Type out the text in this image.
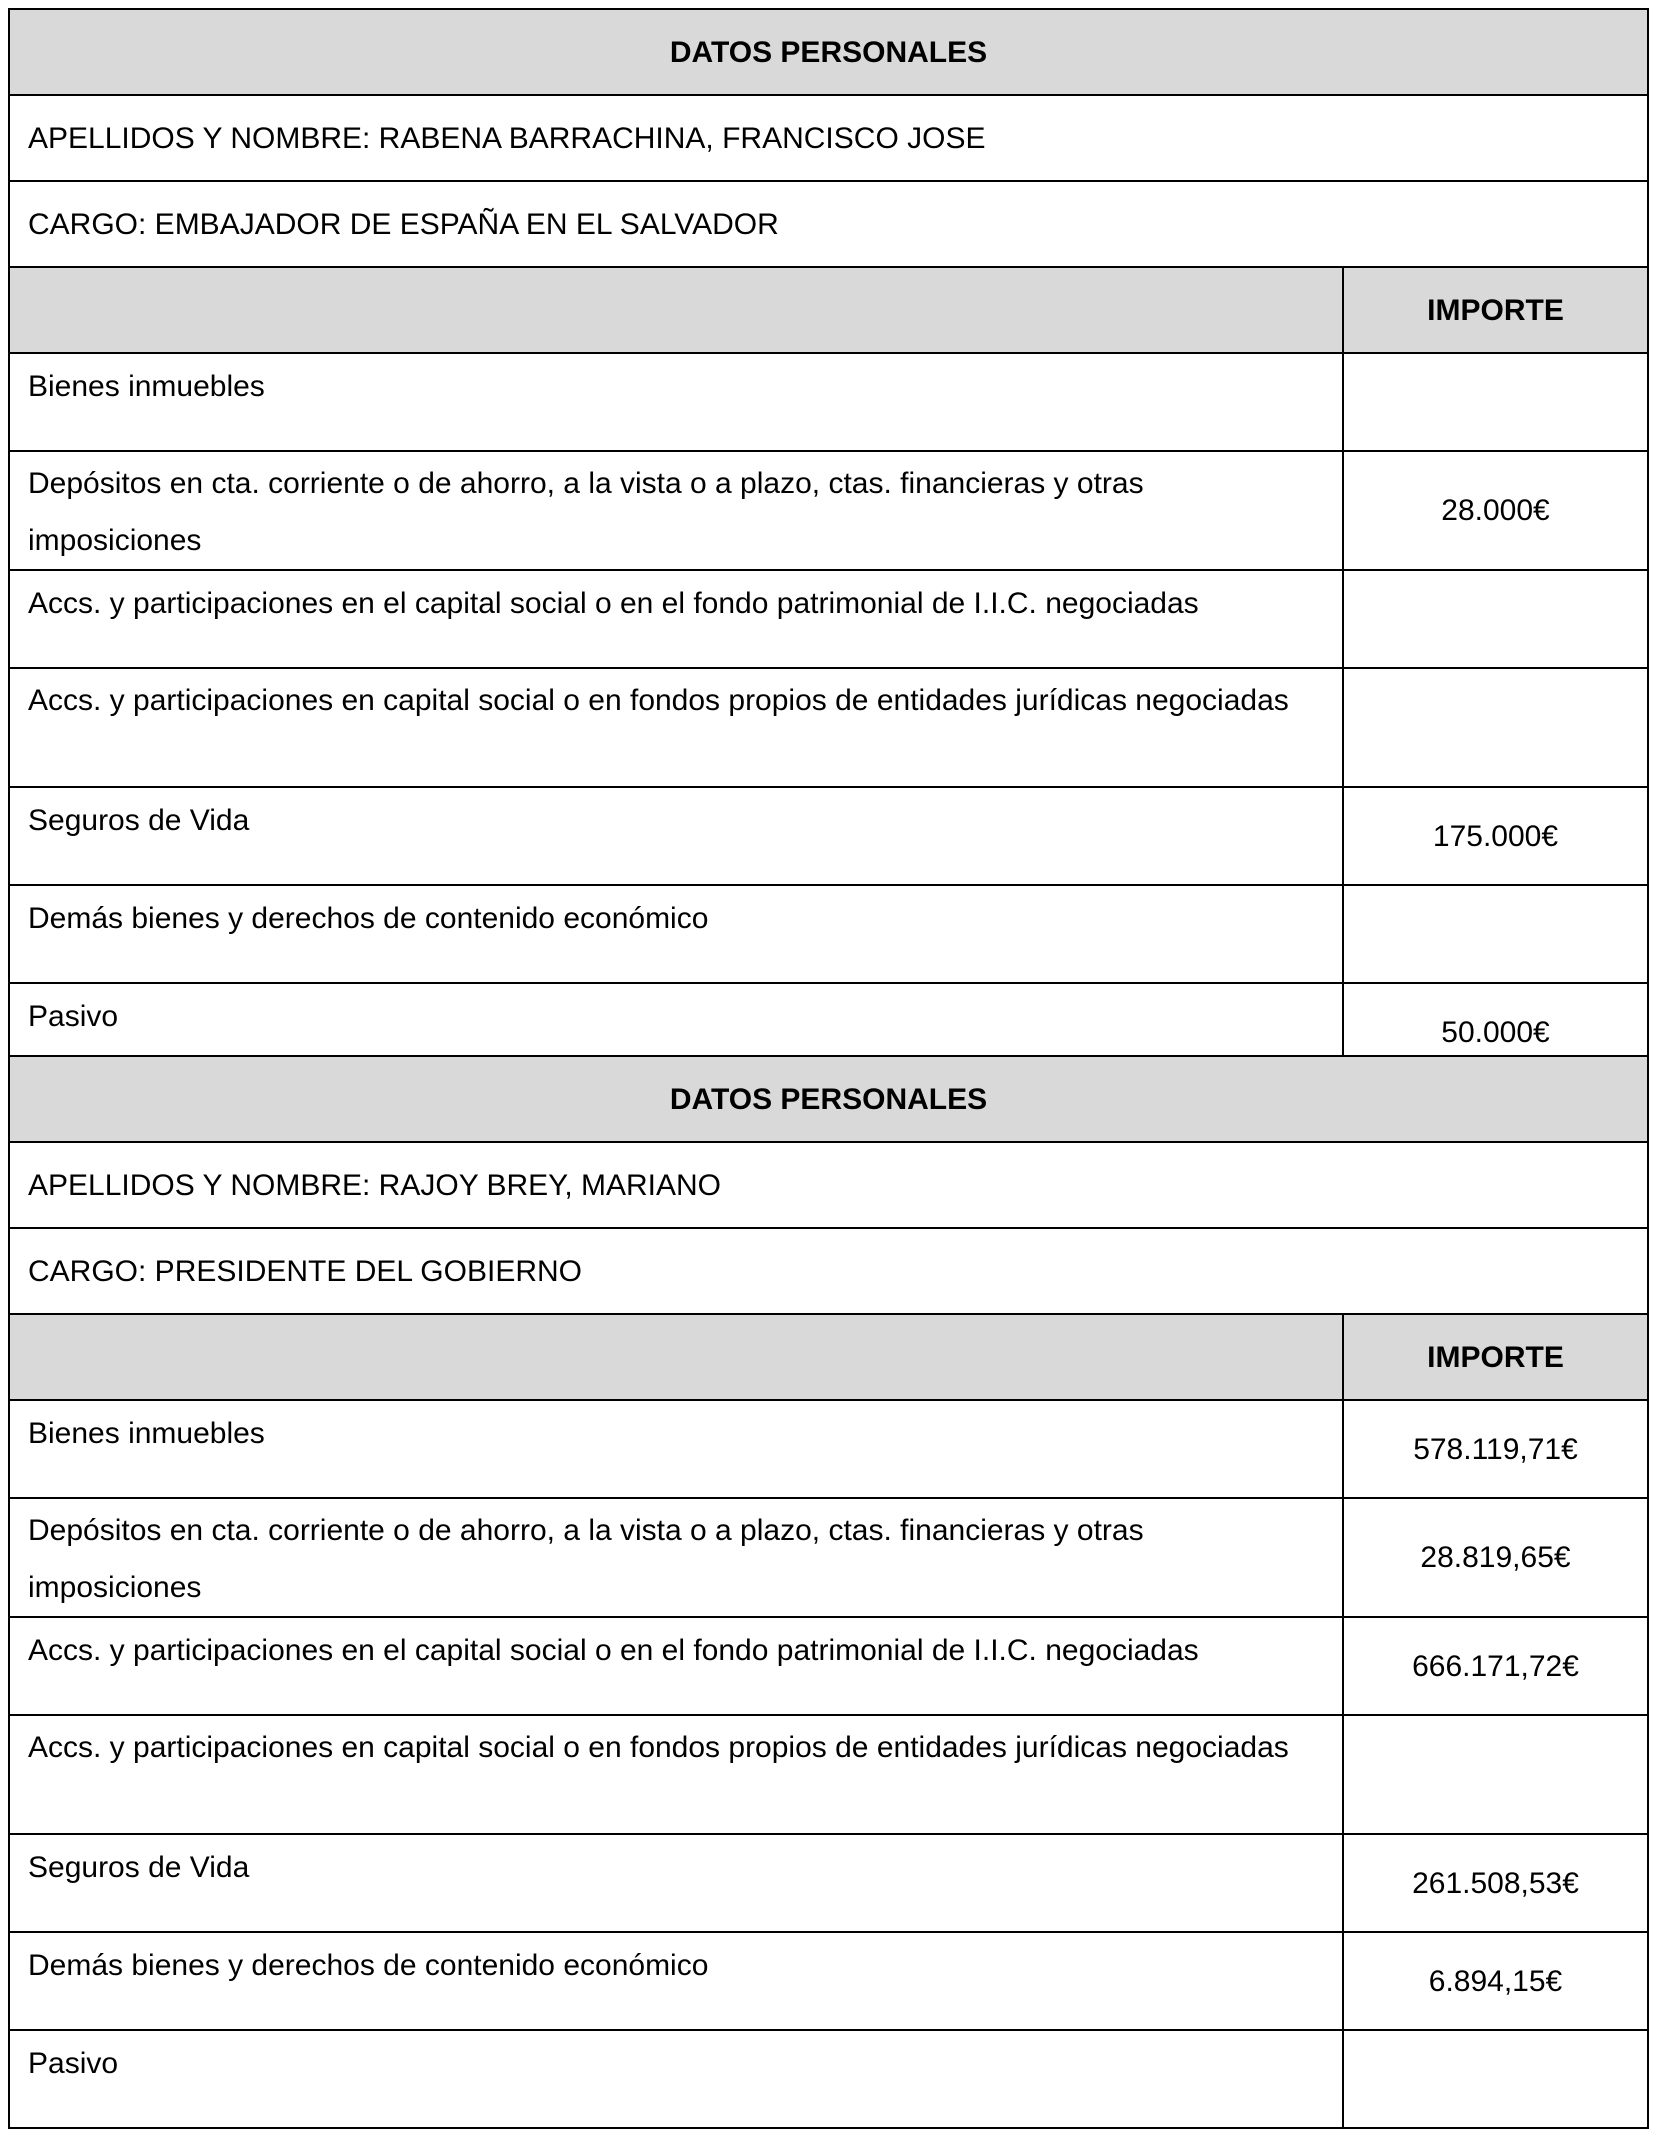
DATOS PERSONALES	
APELLIDOS Y NOMBRE: RABENA BARRACHINA, FRANCISCO JOSE	
CARGO: EMBAJADOR DE ESPAÑA EN EL SALVADOR	
	IMPORTE
Bienes inmuebles	
Depósitos en cta. corriente o de ahorro, a la vista o a plazo, ctas. financieras y otras imposiciones	28.000€
Accs. y participaciones en el capital social o en el fondo patrimonial de I.I.C. negociadas	
Accs. y participaciones en capital social o en fondos propios de entidades jurídicas negociadas	
Seguros de Vida	175.000€
Demás bienes y derechos de contenido económico	
Pasivo	50.000€
DATOS PERSONALES	
APELLIDOS Y NOMBRE: RAJOY BREY, MARIANO	
CARGO: PRESIDENTE DEL GOBIERNO	
	IMPORTE
Bienes inmuebles	578.119,71€
Depósitos en cta. corriente o de ahorro, a la vista o a plazo, ctas. financieras y otras imposiciones	28.819,65€
Accs. y participaciones en el capital social o en el fondo patrimonial de I.I.C. negociadas	666.171,72€
Accs. y participaciones en capital social o en fondos propios de entidades jurídicas negociadas	
Seguros de Vida	261.508,53€
Demás bienes y derechos de contenido económico	6.894,15€
Pasivo	
